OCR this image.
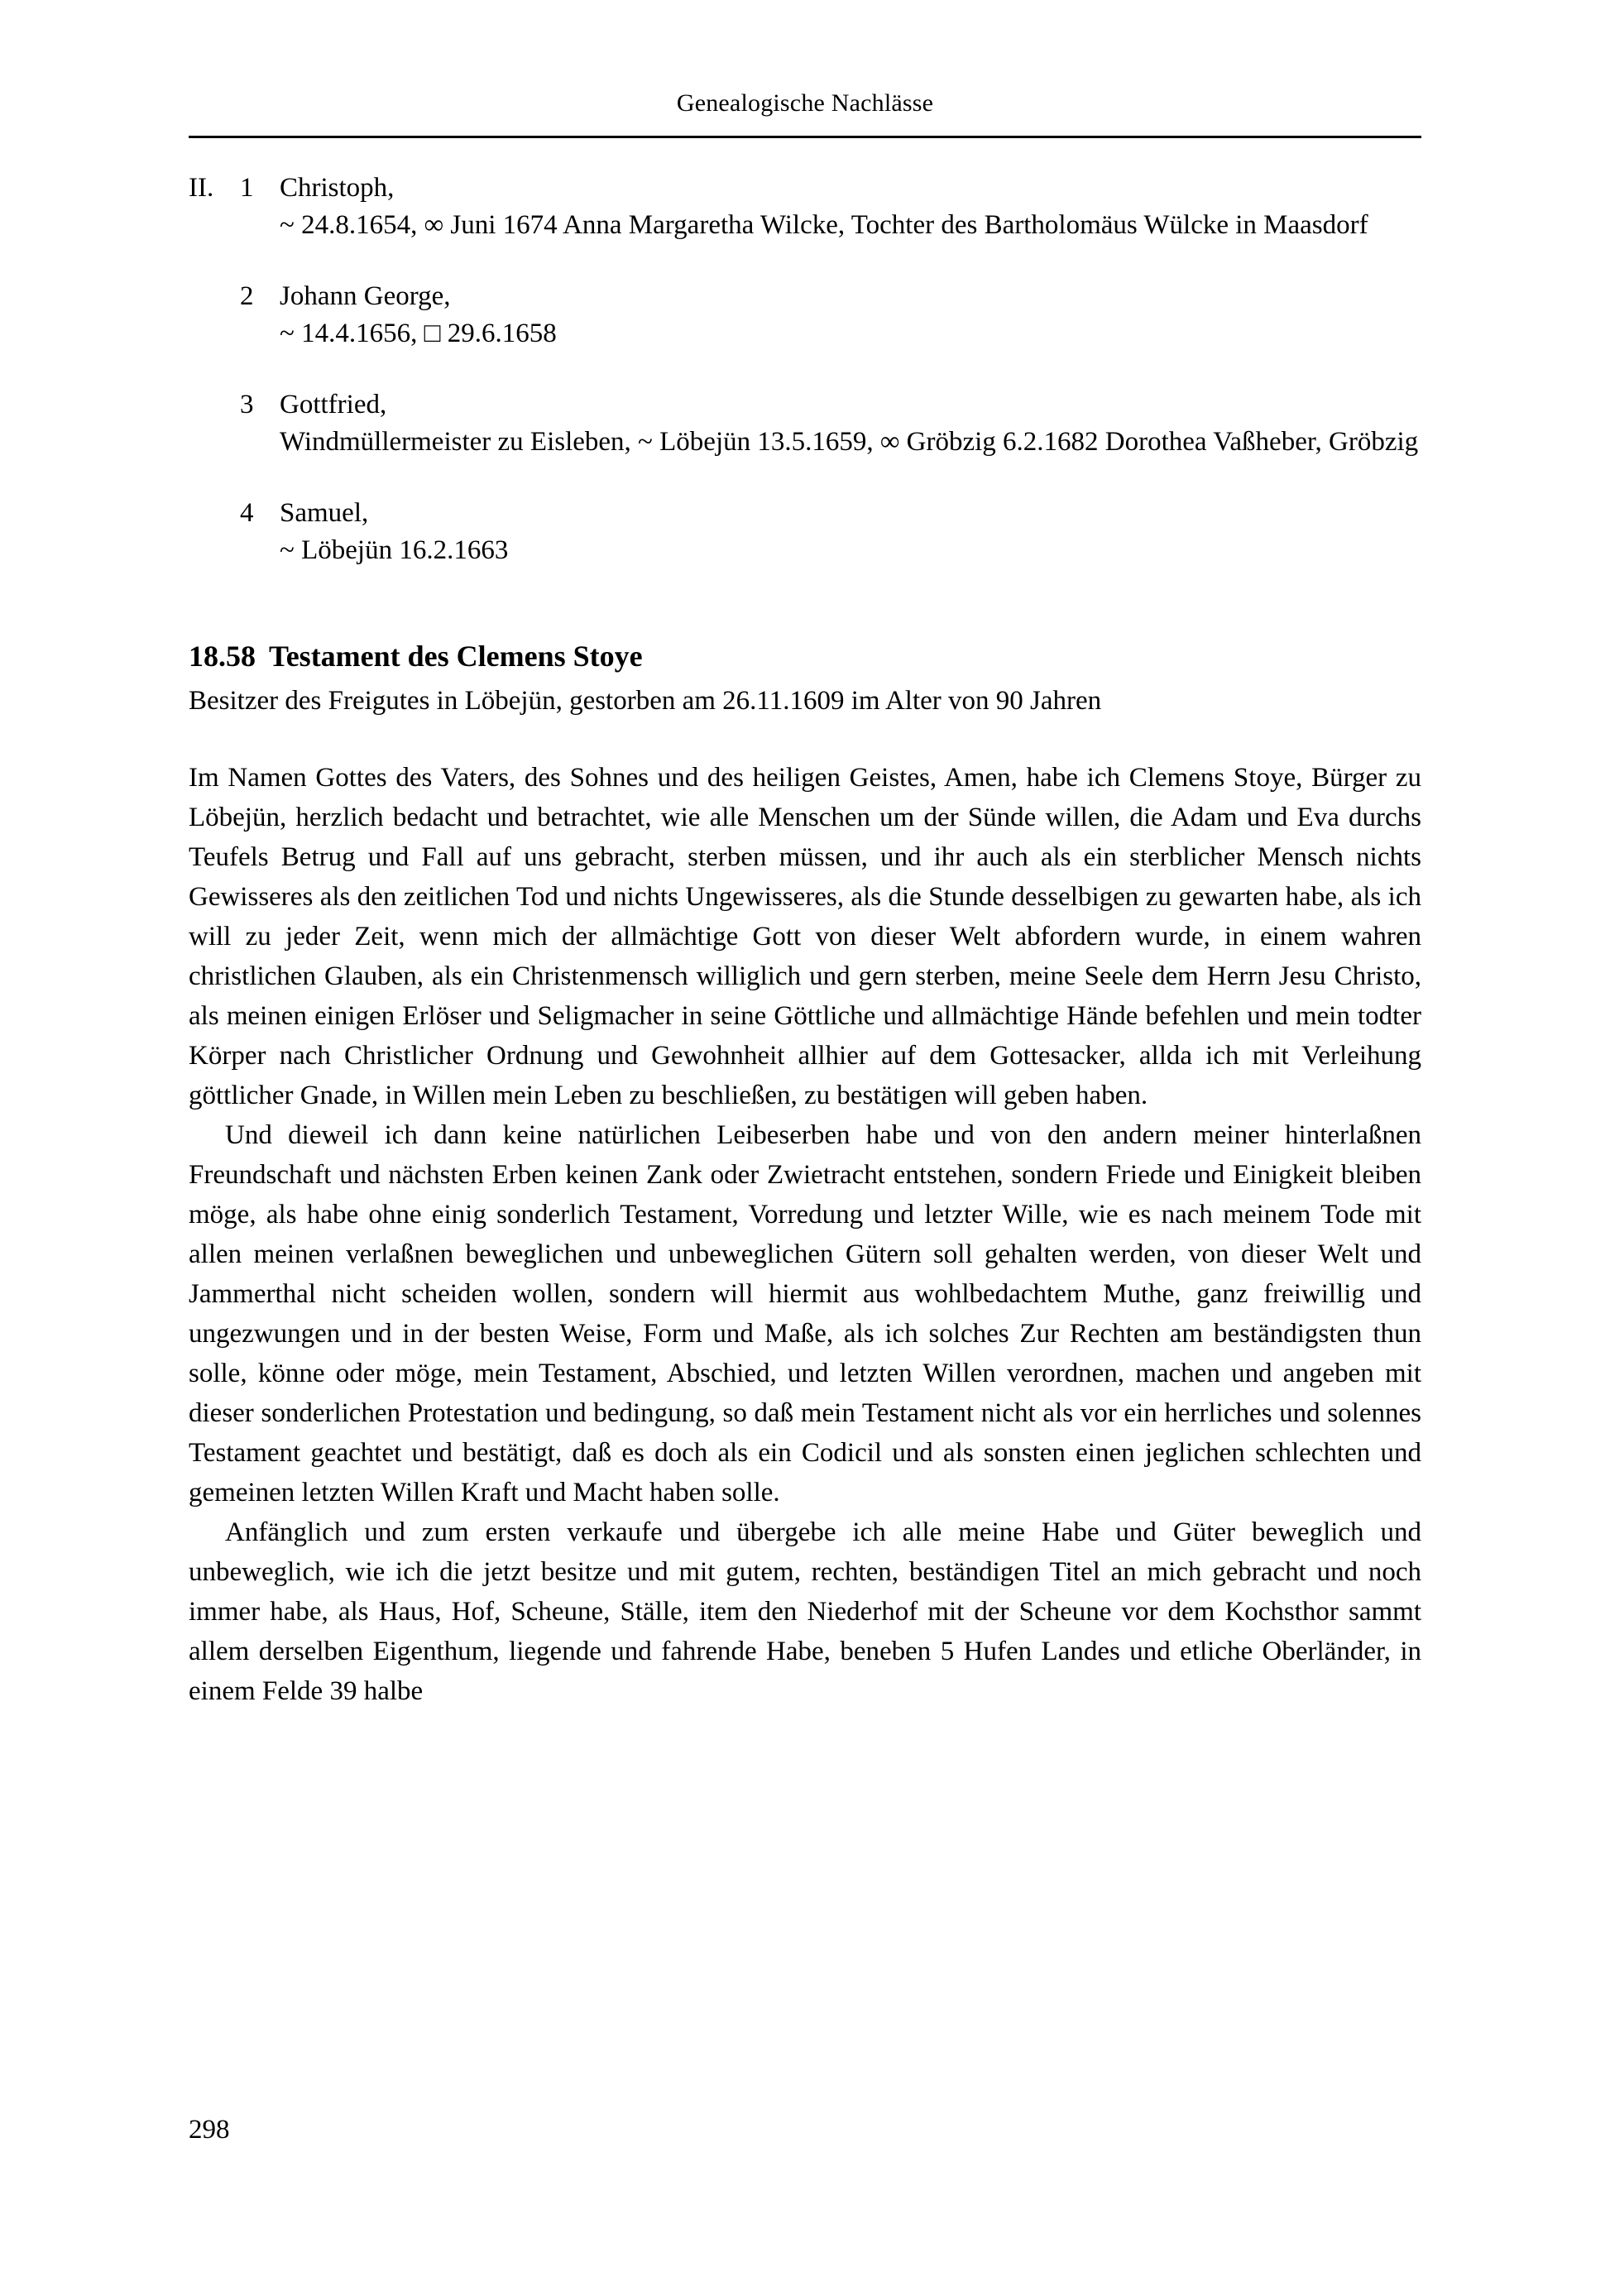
Genealogische Nachlässe
II. 1 Christoph,
~ 24.8.1654, ∞ Juni 1674 Anna Margaretha Wilcke, Tochter des Bartholomäus Wülcke in Maasdorf
2 Johann George,
~ 14.4.1656, □ 29.6.1658
3 Gottfried,
Windmüllermeister zu Eisleben, ~ Löbejün 13.5.1659, ∞ Gröbzig 6.2.1682 Dorothea Vaßheber, Gröbzig
4 Samuel,
~ Löbejün 16.2.1663
18.58 Testament des Clemens Stoye
Besitzer des Freigutes in Löbejün, gestorben am 26.11.1609 im Alter von 90 Jahren

Im Namen Gottes des Vaters, des Sohnes und des heiligen Geistes, Amen, habe ich Clemens Stoye, Bürger zu Löbejün, herzlich bedacht und betrachtet, wie alle Menschen um der Sünde willen, die Adam und Eva durchs Teufels Betrug und Fall auf uns gebracht, sterben müssen, und ihr auch als ein sterblicher Mensch nichts Gewisseres als den zeitlichen Tod und nichts Ungewisseres, als die Stunde desselbigen zu gewarten habe, als ich will zu jeder Zeit, wenn mich der allmächtige Gott von dieser Welt abfordern wurde, in einem wahren christlichen Glauben, als ein Christenmensch williglich und gern sterben, meine Seele dem Herrn Jesu Christo, als meinen einigen Erlöser und Seligmacher in seine Göttliche und allmächtige Hände befehlen und mein todter Körper nach Christlicher Ordnung und Gewohnheit allhier auf dem Gottesacker, allda ich mit Verleihung göttlicher Gnade, in Willen mein Leben zu beschließen, zu bestätigen will geben haben.

Und dieweil ich dann keine natürlichen Leibeserben habe und von den andern meiner hinterlaßnen Freundschaft und nächsten Erben keinen Zank oder Zwietracht entstehen, sondern Friede und Einigkeit bleiben möge, als habe ohne einig sonderlich Testament, Vorredung und letzter Wille, wie es nach meinem Tode mit allen meinen verlaßnen beweglichen und unbeweglichen Gütern soll gehalten werden, von dieser Welt und Jammerthal nicht scheiden wollen, sondern will hiermit aus wohlbedachtem Muthe, ganz freiwillig und ungezwungen und in der besten Weise, Form und Maße, als ich solches Zur Rechten am beständigsten thun solle, könne oder möge, mein Testament, Abschied, und letzten Willen verordnen, machen und angeben mit dieser sonderlichen Protestation und bedingung, so daß mein Testament nicht als vor ein herrliches und solennes Testament geachtet und bestätigt, daß es doch als ein Codicil und als sonsten einen jeglichen schlechten und gemeinen letzten Willen Kraft und Macht haben solle.

Anfänglich und zum ersten verkaufe und übergebe ich alle meine Habe und Güter beweglich und unbeweglich, wie ich die jetzt besitze und mit gutem, rechten, beständigen Titel an mich gebracht und noch immer habe, als Haus, Hof, Scheune, Ställe, item den Niederhof mit der Scheune vor dem Kochsthor sammt allem derselben Eigenthum, liegende und fahrende Habe, beneben 5 Hufen Landes und etliche Oberländer, in einem Felde 39 halbe

298
